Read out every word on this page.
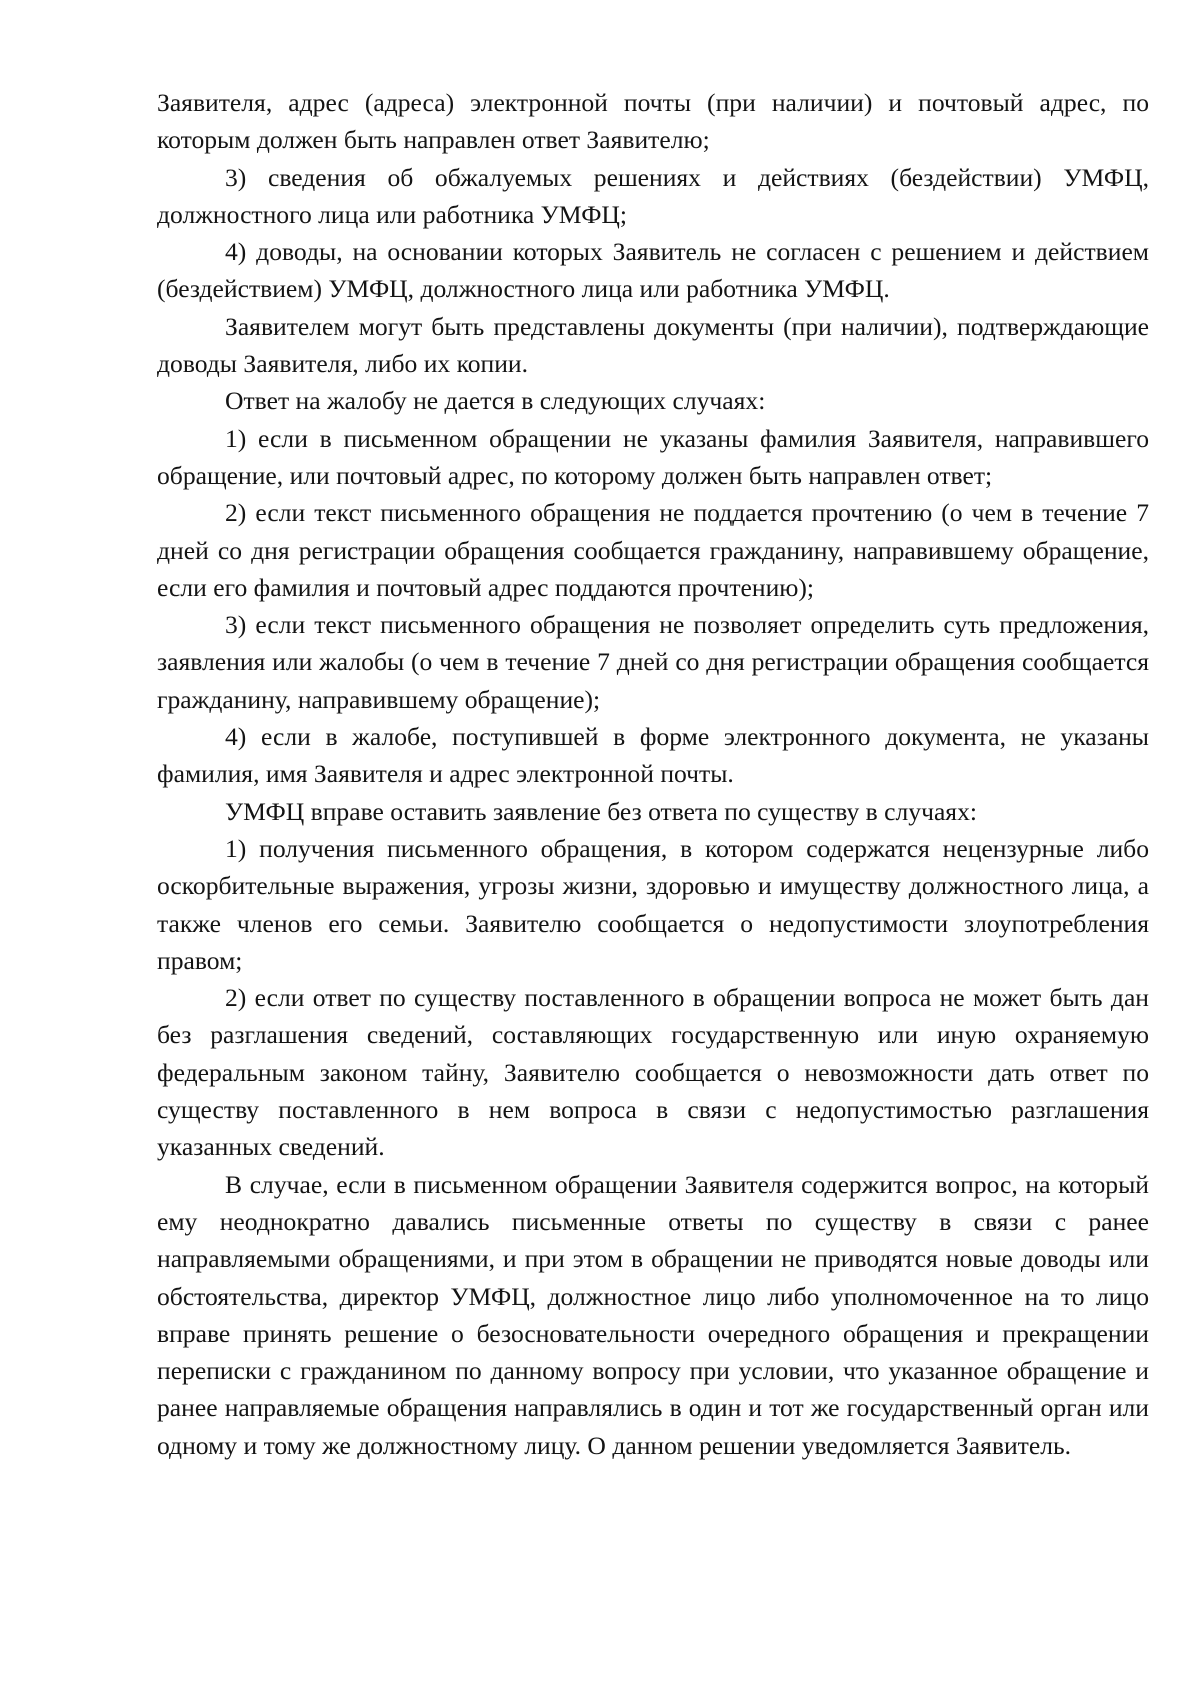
Заявителя, адрес (адреса) электронной почты (при наличии) и почтовый адрес, по которым должен быть направлен ответ Заявителю;

3) сведения об обжалуемых решениях и действиях (бездействии) УМФЦ, должностного лица или работника УМФЦ;

4) доводы, на основании которых Заявитель не согласен с решением и действием (бездействием) УМФЦ, должностного лица или работника УМФЦ.

Заявителем могут быть представлены документы (при наличии), подтверждающие доводы Заявителя, либо их копии.

Ответ на жалобу не дается в следующих случаях:

1) если в письменном обращении не указаны фамилия Заявителя, направившего обращение, или почтовый адрес, по которому должен быть направлен ответ;

2) если текст письменного обращения не поддается прочтению (о чем в течение 7 дней со дня регистрации обращения сообщается гражданину, направившему обращение, если его фамилия и почтовый адрес поддаются прочтению);

3) если текст письменного обращения не позволяет определить суть предложения, заявления или жалобы (о чем в течение 7 дней со дня регистрации обращения сообщается гражданину, направившему обращение);

4) если в жалобе, поступившей в форме электронного документа, не указаны фамилия, имя Заявителя и адрес электронной почты.

УМФЦ вправе оставить заявление без ответа по существу в случаях:

1) получения письменного обращения, в котором содержатся нецензурные либо оскорбительные выражения, угрозы жизни, здоровью и имуществу должностного лица, а также членов его семьи. Заявителю сообщается о недопустимости злоупотребления правом;

2) если ответ по существу поставленного в обращении вопроса не может быть дан без разглашения сведений, составляющих государственную или иную охраняемую федеральным законом тайну, Заявителю сообщается о невозможности дать ответ по существу поставленного в нем вопроса в связи с недопустимостью разглашения указанных сведений.

В случае, если в письменном обращении Заявителя содержится вопрос, на который ему неоднократно давались письменные ответы по существу в связи с ранее направляемыми обращениями, и при этом в обращении не приводятся новые доводы или обстоятельства, директор УМФЦ, должностное лицо либо уполномоченное на то лицо вправе принять решение о безосновательности очередного обращения и прекращении переписки с гражданином по данному вопросу при условии, что указанное обращение и ранее направляемые обращения направлялись в один и тот же государственный орган или одному и тому же должностному лицу. О данном решении уведомляется Заявитель.
